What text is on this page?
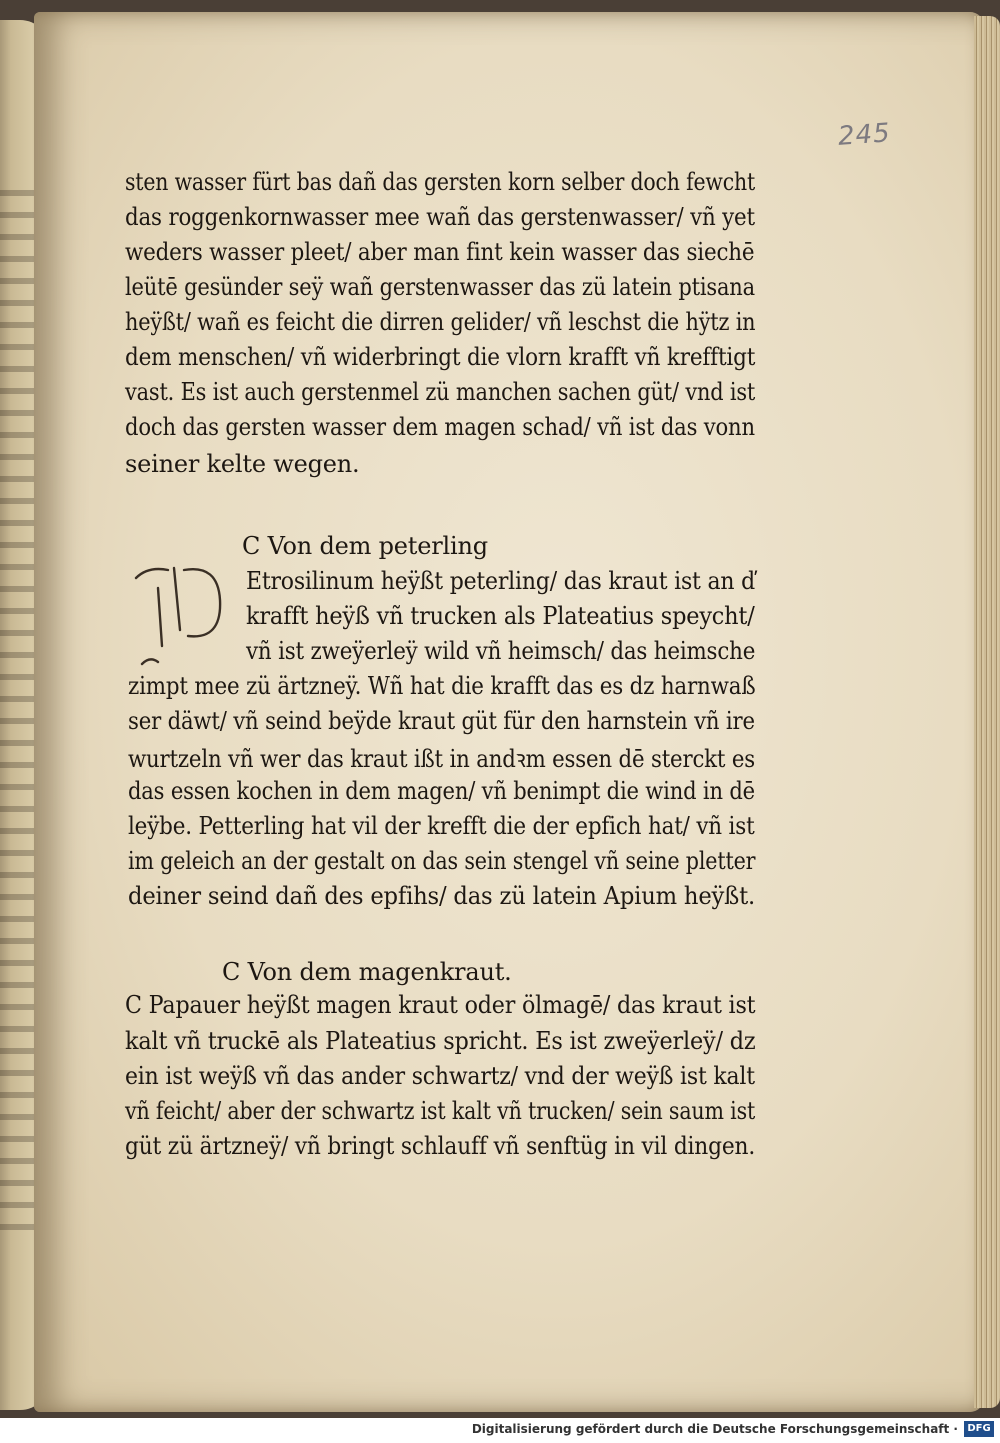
245
sten wasser fürt bas dañ das gersten korn selber doch fewcht
das roggenkornwasser mee wañ das gerstenwasser/ vñ yet
weders wasser pleet/ aber man fint kein wasser das siechē
leütē gesünder seÿ wañ gerstenwasser das zü latein ptisana
heÿßt/ wañ es feicht die dirren gelider/ vñ leschst die hÿtz in
dem menschen/ vñ widerbringt die vlorn krafft vñ krefftigt
vast. Es ist auch gerstenmel zü manchen sachen güt/ vnd ist
doch das gersten wasser dem magen schad/ vñ ist das vonn
seiner kelte wegen.
C Von dem peterling
Etrosilinum heÿßt peterling/ das kraut ist an ď
krafft heÿß vñ trucken als Plateatius speycht/
vñ ist zweÿerleÿ wild vñ heimsch/ das heimsche
zimpt mee zü ärtzneÿ. Wñ hat die krafft das es dz harnwaß
ser däwt/ vñ seind beÿde kraut güt für den harnstein vñ ire
wurtzeln vñ wer das kraut ißt in andꝛm essen dē sterckt es
das essen kochen in dem magen/ vñ benimpt die wind in dē
leÿbe. Petterling hat vil der krefft die der epfich hat/ vñ ist
im geleich an der gestalt on das sein stengel vñ seine pletter
deiner seind dañ des epfihs/ das zü latein Apium heÿßt.
C Von dem magenkraut.
C Papauer heÿßt magen kraut oder ölmagē/ das kraut ist
kalt vñ truckē als Plateatius spricht. Es ist zweÿerleÿ/ dz
ein ist weÿß vñ das ander schwartz/ vnd der weÿß ist kalt
vñ feicht/ aber der schwartz ist kalt vñ trucken/ sein saum ist
güt zü ärtzneÿ/ vñ bringt schlauff vñ senftüg in vil dingen.
Digitalisierung gefördert durch die Deutsche Forschungsgemeinschaft · DFG
